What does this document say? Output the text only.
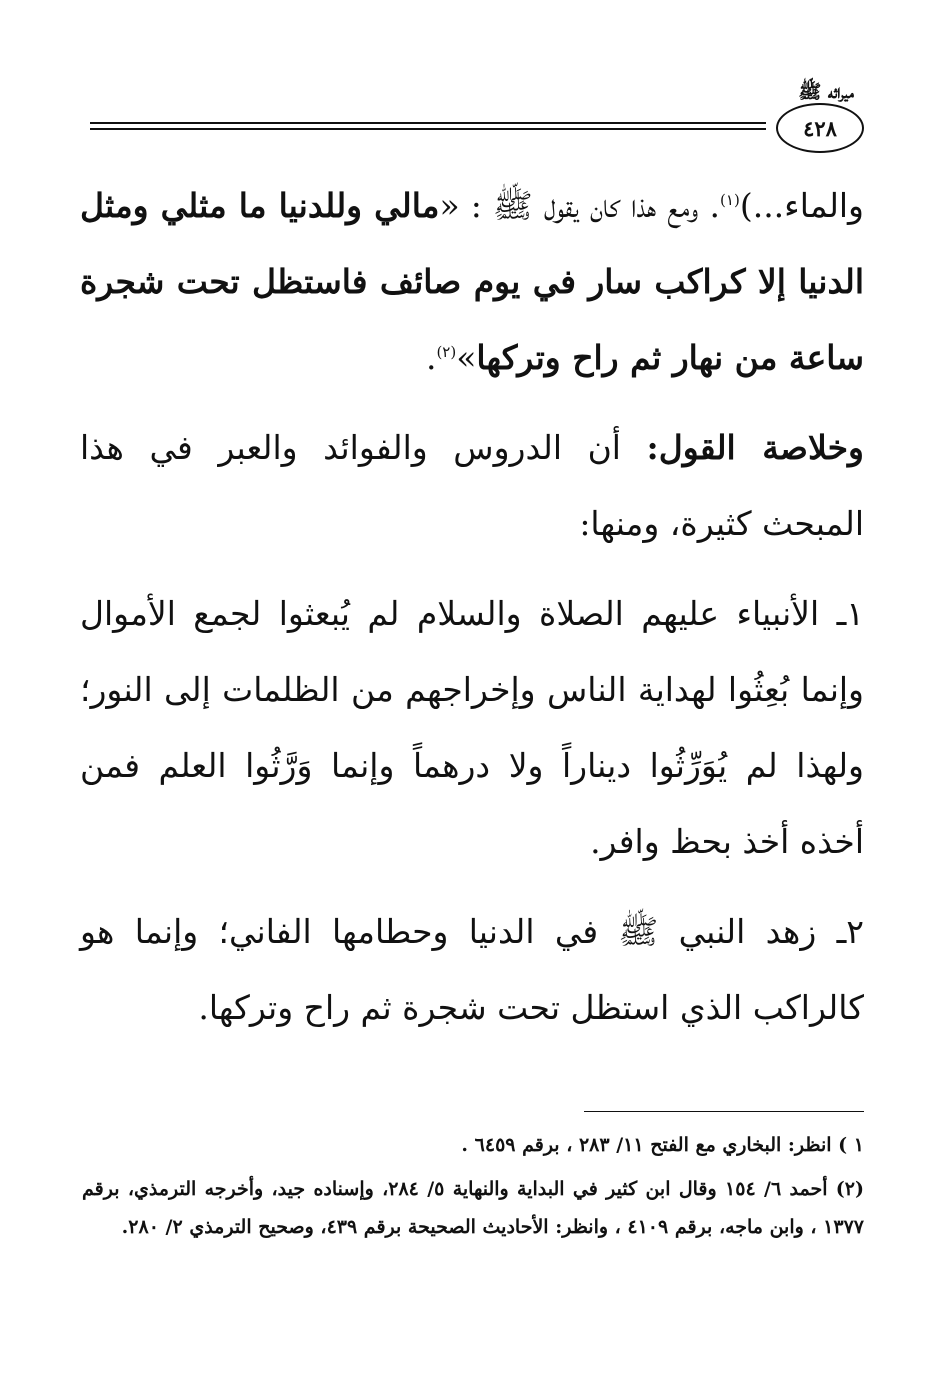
ميراثه ﷺ
٤٢٨

والماء...)$^{(١)}$. ومع هذا كان يقول ﷺ : «مالي وللدنيا ما مثلي ومثل الدنيا إلا كراكب سار في يوم صائف فاستظل تحت شجرة ساعة من نهار ثم راح وتركها»$^{(٢)}$.

وخلاصة القول: أن الدروس والفوائد والعبر في هذا المبحث كثيرة، ومنها:

١ـ الأنبياء عليهم الصلاة والسلام لم يُبعثوا لجمع الأموال وإنما بُعِثُوا لهداية الناس وإخراجهم من الظلمات إلى النور؛ ولهذا لم يُوَرِّثُوا ديناراً ولا درهماً وإنما وَرَّثُوا العلم فمن أخذه أخذ بحظ وافر.

٢ـ زهد النبي ﷺ في الدنيا وحطامها الفاني؛ وإنما هو كالراكب الذي استظل تحت شجرة ثم راح وتركها.

١ ) انظر: البخاري مع الفتح ١١/ ٢٨٣ ، برقم ٦٤٥٩ .

(٢) أحمد ٦/ ١٥٤ وقال ابن كثير في البداية والنهاية ٥/ ٢٨٤، وإسناده جيد، وأخرجه الترمذي، برقم ١٣٧٧ ، وابن ماجه، برقم ٤١٠٩ ، وانظر: الأحاديث الصحيحة برقم ٤٣٩، وصحيح الترمذي ٢/ ٢٨٠.
